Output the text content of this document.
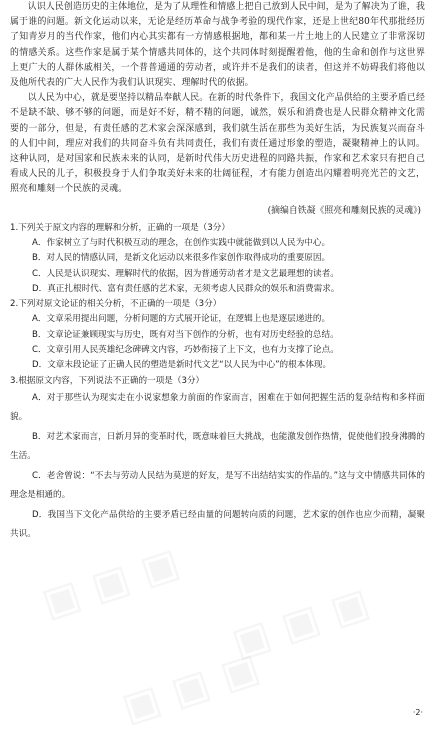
▣ ▣ ▣ ▣ ▣ ▣
▣ ▣ ▣

认识人民创造历史的主体地位，是为了从理性和情感上把自己放到人民中间，是为了解决为了谁，我属于谁的问题。新文化运动以来，无论是经历革命与战争考验的现代作家，还是上世纪80年代那批经历了知青岁月的当代作家，他们内心其实都有一方情感根据地，都和某一片土地上的人民建立了非常深切的情感关系。这些作家是属于某个情感共同体的，这个共同体时刻提醒着他，他的生命和创作与这世界上更广大的人群休戚相关，一个普普通通的劳动者，或许并不是我们的读者，但这并不妨碍我们将他以及他所代表的广大人民作为我们认识现实、理解时代的依据。

以人民为中心，就是要坚持以精品奉献人民。在新的时代条件下，我国文化产品供给的主要矛盾已经不是缺不缺、够不够的问题，而是好不好，精不精的问题，诚然，娱乐和消费也是人民群众精神文化需要的一部分，但是，有责任感的艺术家会深深感到，我们就生活在那些为美好生活，为民族复兴而奋斗的人们中间，理应对我们的共同奋斗负有共同责任，我们有责任通过形象的塑造，凝聚精神上的认同。这种认同，是对国家和民族未来的认同，是新时代伟大历史进程的同路共振，作家和艺术家只有把自己看成人民的儿子，积极投身于人们争取美好未来的壮阔征程，才有能力创造出闪耀着明亮光芒的文艺，照亮和雕刻一个民族的灵魂。

(摘编自铁凝《照亮和雕刻民族的灵魂》)

1.下列关于原文内容的理解和分析，正确的一项是（3分）

A．作家树立了与时代积极互动的理念，在创作实践中就能做到以人民为中心。

B．对人民的情感认同，是新文化运动以来很多作家创作取得成功的重要原因。

C．人民是认识现实、理解时代的依据，因为普通劳动者才是文艺最理想的读者。

D．真正扎根时代、富有责任感的艺术家，无须考虑人民群众的娱乐和消费需求。

2.下列对原文论证的相关分析，不正确的一项是（3分）

A．文章采用提出问题，分析问题的方式展开论证，在逻辑上也是逐层递进的。

B．文章论证兼顾现实与历史，既有对当下创作的分析，也有对历史经验的总结。

C．文章引用人民英雄纪念碑碑文内容，巧妙衔接了上下文，也有力支撑了论点。

D．文章末段论证了正确人民的塑造是新时代文艺“以人民为中心”的根本体现。

3.根据原文内容，下列说法不正确的一项是（3分）

A．对于那些认为现实走在小说家想象力前面的作家而言，困难在于如何把握生活的复杂结构和多样面貌。

B．对艺术家而言，日新月异的变革时代，既意味着巨大挑战，也能激发创作热情，促使他们投身沸腾的生活。

C．老舍曾说：“不去与劳动人民结为莫逆的好友，是写不出结结实实的作品的。”这与文中情感共同体的理念是相通的。

D．我国当下文化产品供给的主要矛盾已经由量的问题转向质的问题，艺术家的创作也应少而精，凝聚共识。

·2·
